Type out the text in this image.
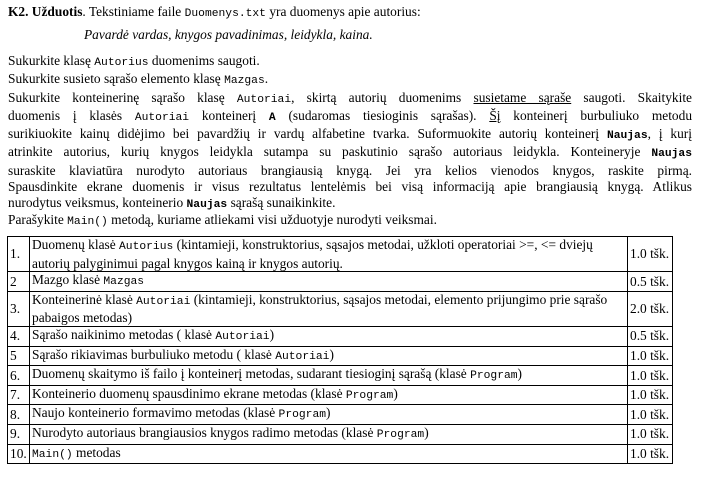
K2. Užduotis. Tekstiniame faile Duomenys.txt yra duomenys apie autorius:
Pavardė vardas, knygos pavadinimas, leidykla, kaina.
Sukurkite klasę Autorius duomenims saugoti.
Sukurkite susieto sąrašo elemento klasę Mazgas.
Sukurkite konteinerinę sąrašo klasę Autoriai, skirtą autorių duomenims susietame sąraše saugoti. Skaitykite
duomenis į klasės Autoriai konteinerį A (sudaromas tiesioginis sąrašas). Šį konteinerį burbuliuko metodu
surikiuokite kainų didėjimo bei pavardžių ir vardų alfabetine tvarka. Suformuokite autorių konteinerį Naujas, į kurį
atrinkite autorius, kurių knygos leidykla sutampa su paskutinio sąrašo autoriaus leidykla. Konteineryje Naujas
suraskite klaviatūra nurodyto autoriaus brangiausią knygą. Jei yra kelios vienodos knygos, raskite pirmą.
Spausdinkite ekrane duomenis ir visus rezultatus lentelėmis bei visą informaciją apie brangiausią knygą. Atlikus
nurodytus veiksmus, konteinerio Naujas sąrašą sunaikinkite.
Parašykite Main() metodą, kuriame atliekami visi užduotyje nurodyti veiksmai.
1.	Duomenų klasė Autorius (kintamieji, konstruktorius, sąsajos metodai, užkloti operatoriai >=, <= dviejų autorių palyginimui pagal knygos kainą ir knygos autorių.	1.0 tšk.
2	Mazgo klasė Mazgas	0.5 tšk.
3.	Konteinerinė klasė Autoriai (kintamieji, konstruktorius, sąsajos metodai, elemento prijungimo prie sąrašo pabaigos metodas)	2.0 tšk.
4.	Sąrašo naikinimo metodas ( klasė Autoriai)	0.5 tšk.
5	Sąrašo rikiavimas burbuliuko metodu ( klasė Autoriai)	1.0 tšk.
6.	Duomenų skaitymo iš failo į konteinerį metodas, sudarant tiesioginį sąrašą (klasė Program)	1.0 tšk.
7.	Konteinerio duomenų spausdinimo ekrane metodas (klasė Program)	1.0 tšk.
8.	Naujo konteinerio formavimo metodas (klasė Program)	1.0 tšk.
9.	Nurodyto autoriaus brangiausios knygos radimo metodas (klasė Program)	1.0 tšk.
10.	Main() metodas	1.0 tšk.
